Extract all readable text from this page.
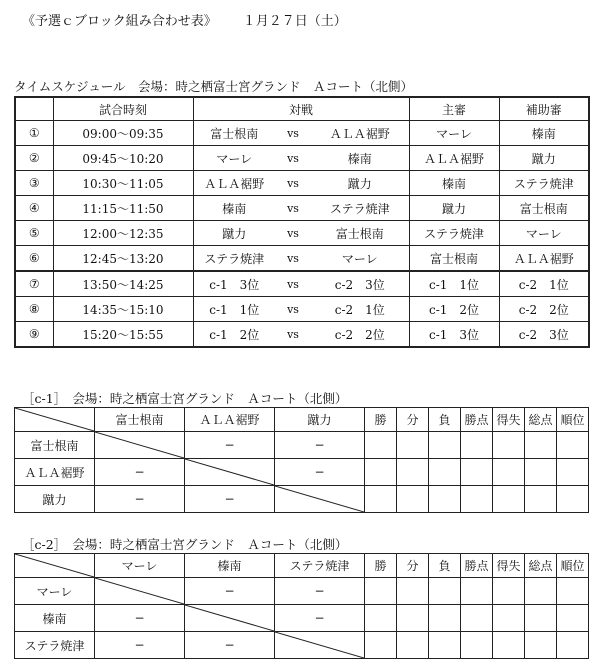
《予選ｃブロック組み合わせ表》 １月２７日（土）
タイムスケジュール　会場：時之栖富士宮グランド　Ａコート（北側）
	試合時刻	対戦			主審	補助審
①	09:00〜09:35	富士根南	vs	ＡＬＡ裾野	マーレ	榛南
②	09:45〜10:20	マーレ	vs	榛南	ＡＬＡ裾野	蹴力
③	10:30〜11:05	ＡＬＡ裾野	vs	蹴力	榛南	ステラ焼津
④	11:15〜11:50	榛南	vs	ステラ焼津	蹴力	富士根南
⑤	12:00〜12:35	蹴力	vs	富士根南	ステラ焼津	マーレ
⑥	12:45〜13:20	ステラ焼津	vs	マーレ	富士根南	ＡＬＡ裾野
⑦	13:50〜14:25	c-1　3位	vs	c-2　3位	c-1　1位	c-2　1位
⑧	14:35〜15:10	c-1　1位	vs	c-2　1位	c-1　2位	c-2　2位
⑨	15:20〜15:55	c-1　2位	vs	c-2　2位	c-1　3位	c-2　3位
［c-1］　会場：時之栖富士宮グランド　Ａコート（北側）
	富士根南	ＡＬＡ裾野	蹴力	勝	分	負	勝点	得失	総点	順位
富士根南		−	−							
ＡＬＡ裾野	−		−							
蹴力	−	−	

［c-2］　会場：時之栖富士宮グランド　Ａコート（北側）
	マーレ	榛南	ステラ焼津	勝	分	負	勝点	得失	総点	順位
マーレ		−	−							
榛南	−		−							
ステラ焼津	−	−	
